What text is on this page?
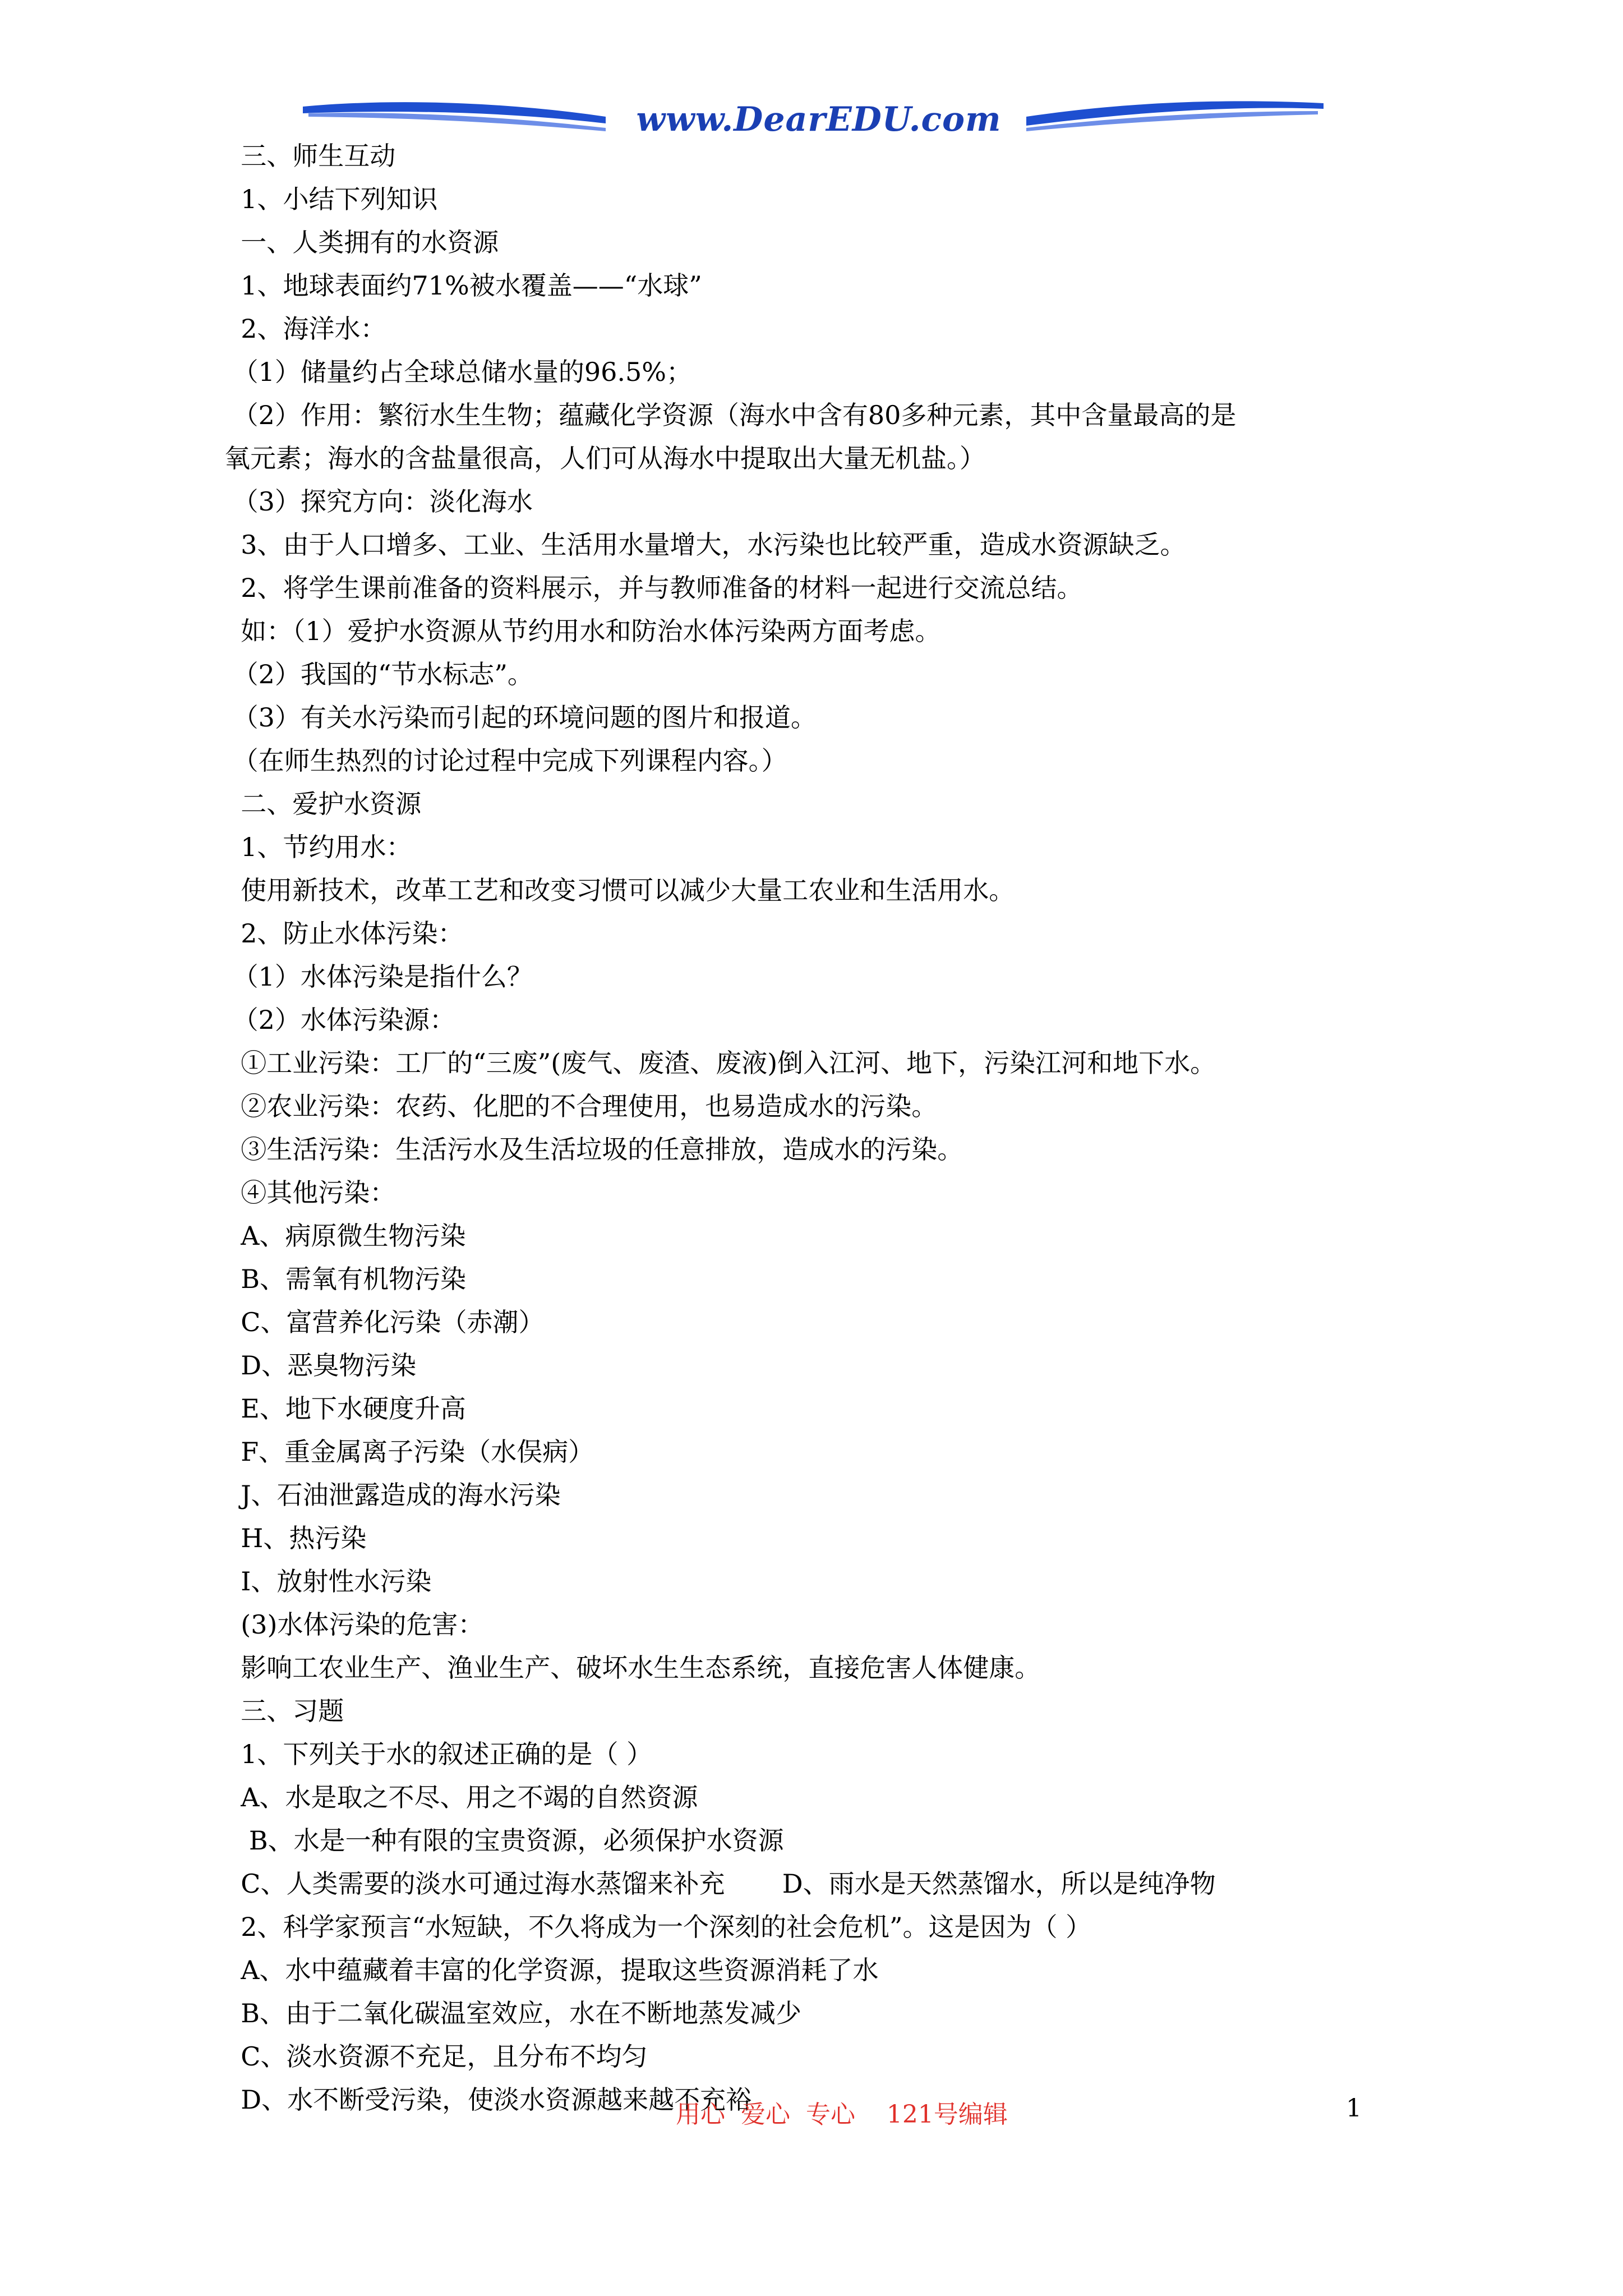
www.DearEDU.com
三、师生互动
1、小结下列知识
一、人类拥有的水资源
1、地球表面约71%被水覆盖——“水球”
2、海洋水：
（1）储量约占全球总储水量的96.5%；
（2）作用：繁衍水生生物；蕴藏化学资源（海水中含有80多种元素，其中含量最高的是
氧元素；海水的含盐量很高，人们可从海水中提取出大量无机盐。）
（3）探究方向：淡化海水
3、由于人口增多、工业、生活用水量增大，水污染也比较严重，造成水资源缺乏。
2、将学生课前准备的资料展示，并与教师准备的材料一起进行交流总结。
如：（1）爱护水资源从节约用水和防治水体污染两方面考虑。
（2）我国的“节水标志”。
（3）有关水污染而引起的环境问题的图片和报道。
（在师生热烈的讨论过程中完成下列课程内容。）
二、爱护水资源
1、节约用水：
使用新技术，改革工艺和改变习惯可以减少大量工农业和生活用水。
2、防止水体污染：
（1）水体污染是指什么？
（2）水体污染源：
①工业污染：工厂的“三废”(废气、废渣、废液)倒入江河、地下，污染江河和地下水。
②农业污染：农药、化肥的不合理使用，也易造成水的污染。
③生活污染：生活污水及生活垃圾的任意排放，造成水的污染。
④其他污染：
A、病原微生物污染
B、需氧有机物污染
C、富营养化污染（赤潮）
D、恶臭物污染
E、地下水硬度升高
F、重金属离子污染（水俣病）
J、石油泄露造成的海水污染
H、热污染
I、放射性水污染
(3)水体污染的危害：
影响工农业生产、渔业生产、破坏水生生态系统，直接危害人体健康。
三、习题
1、下列关于水的叙述正确的是（ ）
A、水是取之不尽、用之不竭的自然资源
B、水是一种有限的宝贵资源，必须保护水资源
C、人类需要的淡水可通过海水蒸馏来补充       D、雨水是天然蒸馏水，所以是纯净物
2、科学家预言“水短缺，不久将成为一个深刻的社会危机”。这是因为（ ）
A、水中蕴藏着丰富的化学资源，提取这些资源消耗了水
B、由于二氧化碳温室效应，水在不断地蒸发减少
C、淡水资源不充足，且分布不均匀
D、水不断受污染，使淡水资源越来越不充裕
用心  爱心  专心    121号编辑	1
